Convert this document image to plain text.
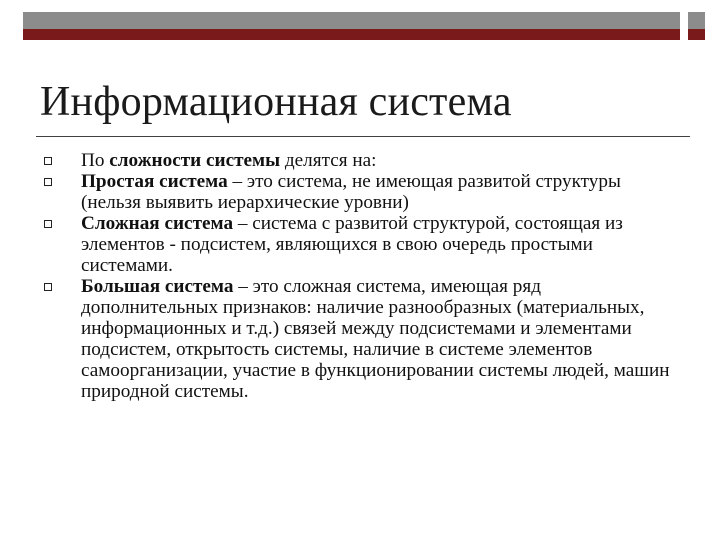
Информационная система
По сложности системы делятся на:
Простая система – это система, не имеющая развитой структуры (нельзя выявить иерархические уровни)
Сложная система – система с развитой структурой, состоящая из элементов - подсистем, являющихся в свою очередь простыми системами.
Большая система – это сложная система, имеющая ряд дополнительных признаков: наличие разнообразных (материальных, информационных и т.д.) связей между подсистемами и элементами подсистем, открытость системы, наличие в системе элементов самоорганизации, участие в функционировании системы людей, машин природной системы.
